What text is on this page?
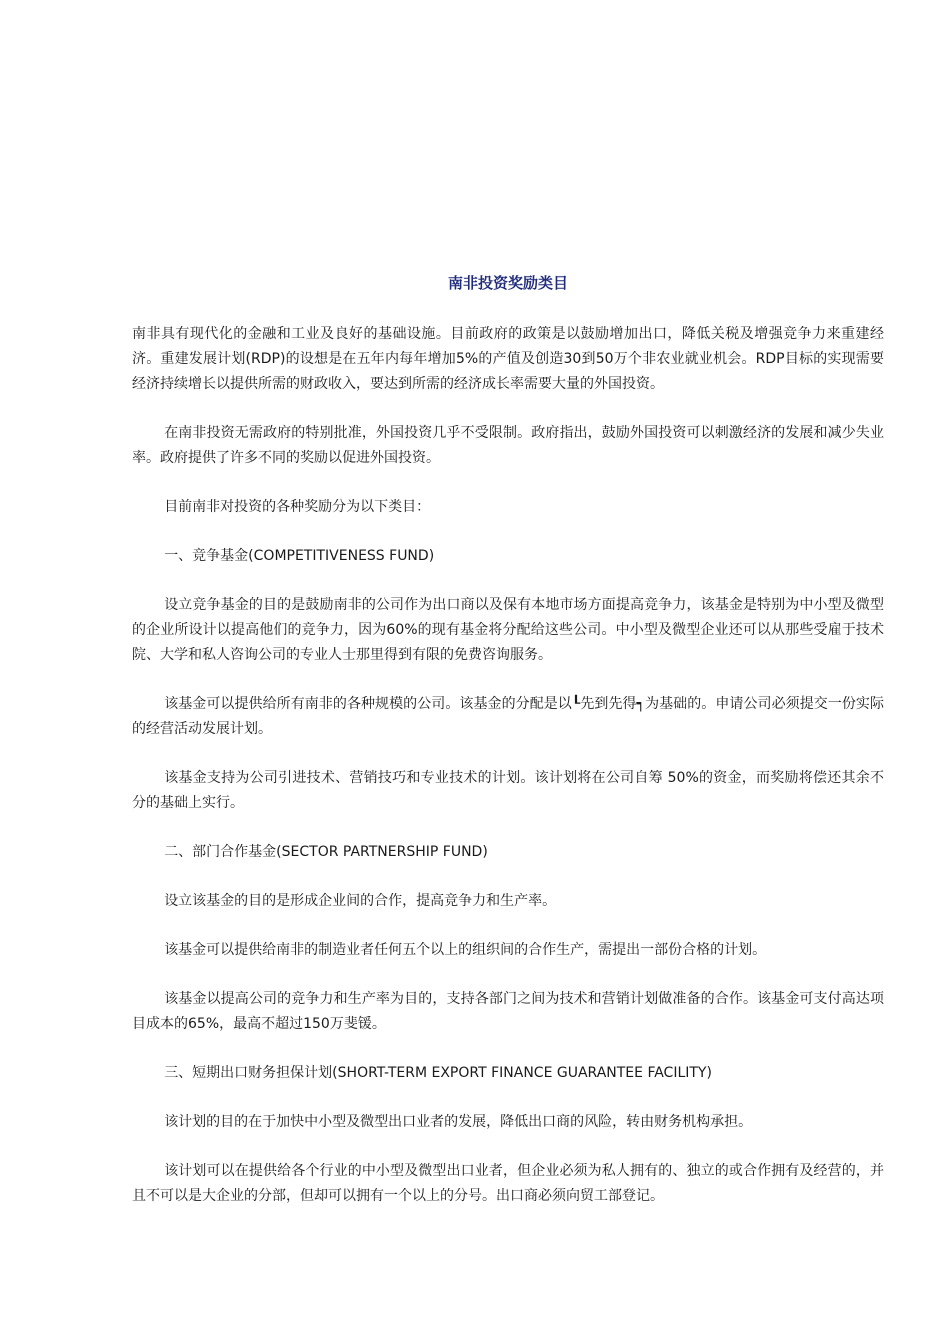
南非投资奖励类目

南非具有现代化的金融和工业及良好的基础设施。目前政府的政策是以鼓励增加出口，降低关税及增强竞争力来重建经济。重建发展计划(RDP)的设想是在五年内每年增加5%的产值及创造30到50万个非农业就业机会。RDP目标的实现需要经济持续增长以提供所需的财政收入，要达到所需的经济成长率需要大量的外国投资。

在南非投资无需政府的特别批准，外国投资几乎不受限制。政府指出，鼓励外国投资可以刺激经济的发展和减少失业率。政府提供了许多不同的奖励以促进外国投资。

目前南非对投资的各种奖励分为以下类目：

一、竞争基金(COMPETITIVENESS FUND)

设立竞争基金的目的是鼓励南非的公司作为出口商以及保有本地市场方面提高竞争力，该基金是特别为中小型及微型的企业所设计以提高他们的竞争力，因为60%的现有基金将分配给这些公司。中小型及微型企业还可以从那些受雇于技术院、大学和私人咨询公司的专业人士那里得到有限的免费咨询服务。

该基金可以提供给所有南非的各种规模的公司。该基金的分配是以┖先到先得┑为基础的。申请公司必须提交一份实际的经营活动发展计划。

该基金支持为公司引进技术、营销技巧和专业技术的计划。该计划将在公司自筹 50%的资金，而奖励将偿还其余不分的基础上实行。

二、部门合作基金(SECTOR PARTNERSHIP FUND)

设立该基金的目的是形成企业间的合作，提高竞争力和生产率。

该基金可以提供给南非的制造业者任何五个以上的组织间的合作生产，需提出一部份合格的计划。

该基金以提高公司的竞争力和生产率为目的，支持各部门之间为技术和营销计划做准备的合作。该基金可支付高达项目成本的65%，最高不超过150万斐锾。

三、短期出口财务担保计划(SHORT-TERM EXPORT FINANCE GUARANTEE FACILITY)

该计划的目的在于加快中小型及微型出口业者的发展，降低出口商的风险，转由财务机构承担。

该计划可以在提供给各个行业的中小型及微型出口业者，但企业必须为私人拥有的、独立的或合作拥有及经营的，并且不可以是大企业的分部，但却可以拥有一个以上的分号。出口商必须向贸工部登记。
